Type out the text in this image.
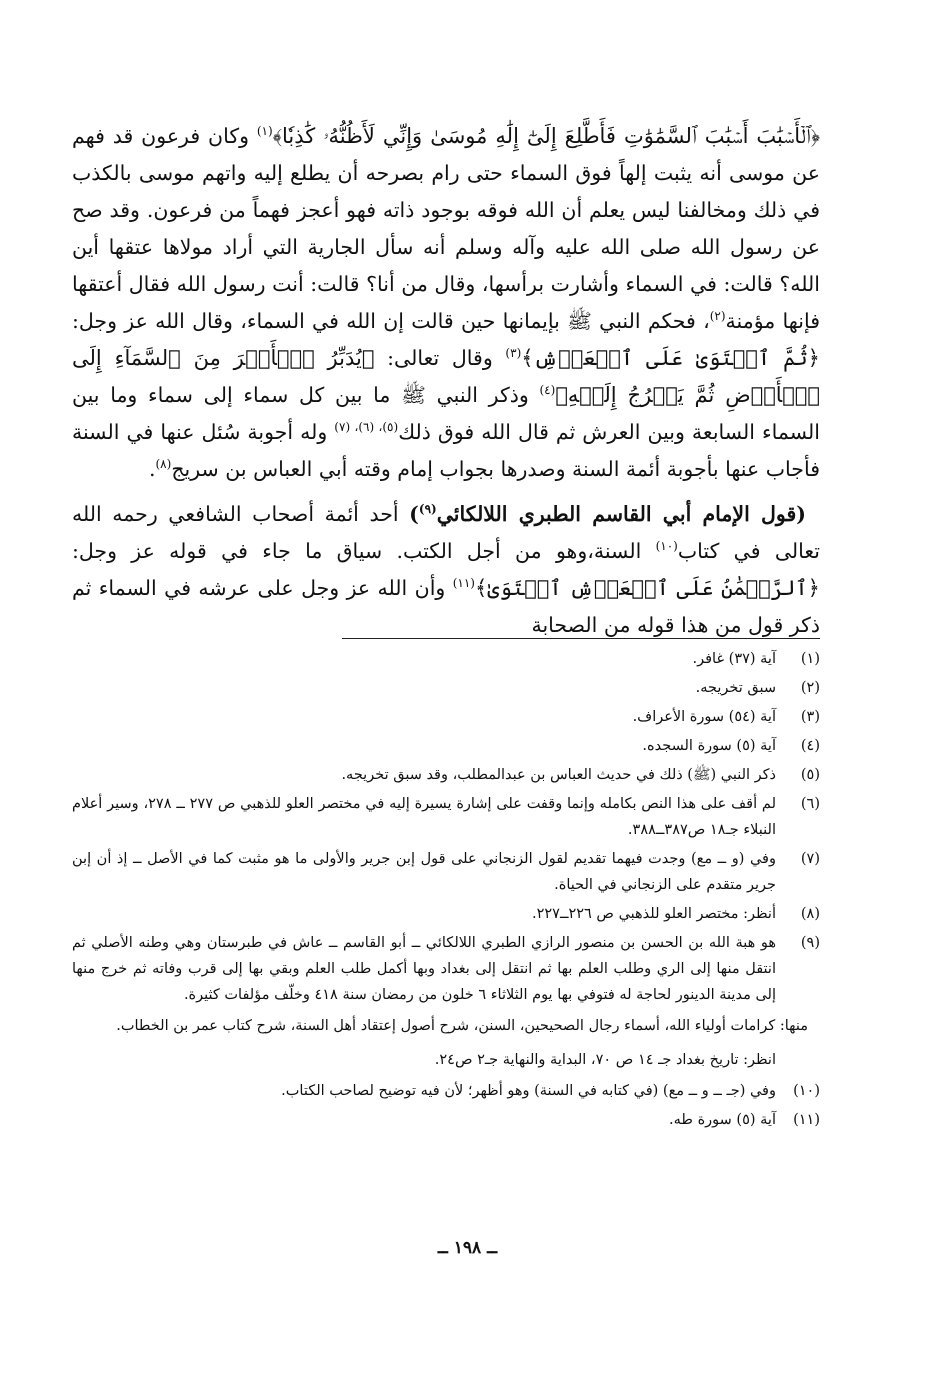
﴿ٱلۡأَسۡبَٰبَ أَسۡبَٰبَ ٱلسَّمَٰوَٰتِ فَأَطَّلِعَ إِلَىٰٓ إِلَٰهِ مُوسَىٰ وَإِنِّي لَأَظُنُّهُۥ كَٰذِبٗا﴾$^{(١)}$ وكان فرعون قد فهم عن موسى أنه يثبت إلهاً فوق السماء حتى رام بصرحه أن يطلع إليه واتهم موسى بالكذب في ذلك ومخالفنا ليس يعلم أن الله فوقه بوجود ذاته فهو أعجز فهماً من فرعون. وقد صح عن رسول الله صلى الله عليه وآله وسلم أنه سأل الجارية التي أراد مولاها عتقها أين الله؟ قالت: في السماء وأشارت برأسها، وقال من أنا؟ قالت: أنت رسول الله فقال أعتقها فإنها مؤمنة$^{(٢)}$، فحكم النبي ﷺ بإيمانها حين قالت إن الله في السماء، وقال الله عز وجل: ﴿ثُمَّ ٱسۡتَوَىٰ عَلَى ٱلۡعَرۡشِ﴾$^{(٣)}$ وقال تعالى: ﴿يُدَبِّرُ ٱلۡأَمۡرَ مِنَ ٱلسَّمَآءِ إِلَى ٱلۡأَرۡضِ ثُمَّ يَعۡرُجُ إِلَيۡهِ﴾$^{(٤)}$ وذكر النبي ﷺ ما بين كل سماء إلى سماء وما بين السماء السابعة وبين العرش ثم قال الله فوق ذلك$^{(٥)، (٦)، (٧)}$ وله أجوبة سُئل عنها في السنة فأجاب عنها بأجوبة أئمة السنة وصدرها بجواب إمام وقته أبي العباس بن سريج$^{(٨)}$.

(قول الإمام أبي القاسم الطبري اللالكائي$^{(٩)}$) أحد أئمة أصحاب الشافعي رحمه الله تعالى في كتاب$^{(١٠)}$ السنة،وهو من أجل الكتب. سياق ما جاء في قوله عز وجل: ﴿ٱلرَّحۡمَٰنُ عَلَى ٱلۡعَرۡشِ ٱسۡتَوَىٰ﴾$^{(١١)}$ وأن الله عز وجل على عرشه في السماء ثم ذكر قول من هذا قوله من الصحابة

(١)
آية (٣٧) غافر.
(٢)
سبق تخريجه.
(٣)
آية (٥٤) سورة الأعراف.
(٤)
آية (٥) سورة السجده.
(٥)
ذكر النبي (ﷺ) ذلك في حديث العباس بن عبدالمطلب، وقد سبق تخريجه.
(٦)
لم أقف على هذا النص بكامله وإنما وقفت على إشارة يسيرة إليه في مختصر العلو للذهبي ص ٢٧٧ ــ ٢٧٨، وسير أعلام النبلاء جـ١٨ ص٣٨٧ــ٣٨٨.
(٧)
وفي (و ــ مع) وجدت فيهما تقديم لقول الزنجاني على قول إبن جرير والأولى ما هو مثبت كما في الأصل ــ إذ أن إبن جرير متقدم على الزنجاني في الحياة.
(٨)
أنظر: مختصر العلو للذهبي ص ٢٢٦ــ٢٢٧.
(٩)
هو هبة الله بن الحسن بن منصور الرازي الطبري اللالكائي ــ أبو القاسم ــ عاش في طبرستان وهي وطنه الأصلي ثم انتقل منها إلى الري وطلب العلم بها ثم انتقل إلى بغداد وبها أكمل طلب العلم وبقي بها إلى قرب وفاته ثم خرج منها إلى مدينة الدينور لحاجة له فتوفي بها يوم الثلاثاء ٦ خلون من رمضان سنة ٤١٨ وخلّف مؤلفات كثيرة.
منها: كرامات أولياء الله، أسماء رجال الصحيحين، السنن، شرح أصول إعتقاد أهل السنة، شرح كتاب عمر بن الخطاب.
انظر: تاريخ بغداد جـ ١٤ ص ٧٠، البداية والنهاية جـ٢ ص٢٤.
(١٠)
وفي (جـ ــ و ــ مع) (في كتابه في السنة) وهو أظهر؛ لأن فيه توضيح لصاحب الكتاب.
(١١)
آية (٥) سورة طه.
ــ ١٩٨ ــ
